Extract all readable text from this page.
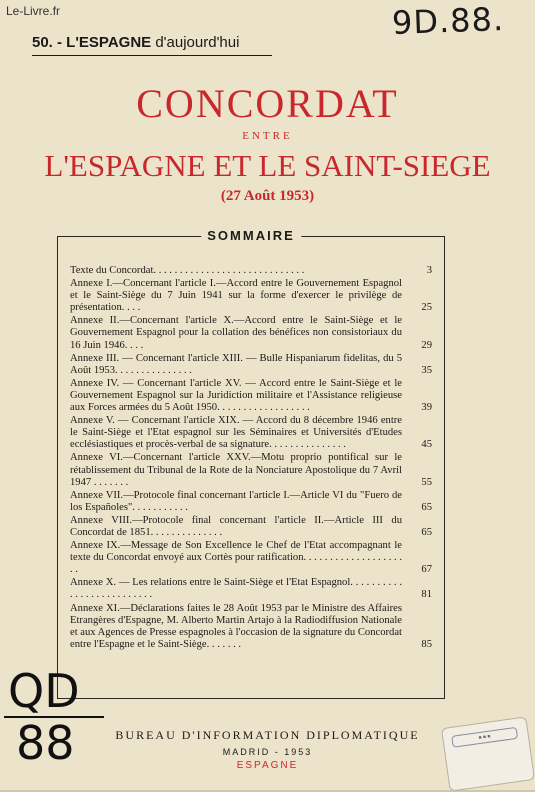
Le-Livre.fr	9D.88.
50. - L'ESPAGNE d'aujourd'hui
CONCORDAT
ENTRE
L'ESPAGNE ET LE SAINT-SIEGE
(27 Août 1953)
SOMMAIRE
Texte du Concordat. . . . . . . . . . . . . . . . . . . . . . . . . . . . .	3
Annexe I.—Concernant l'article I.—Accord entre le Gouvernement Espagnol et le Saint-Siège du 7 Juin 1941 sur la forme d'exercer le privilège de présentation. . . .	25
Annexe II.—Concernant l'article X.—Accord entre le Saint-Siège et le Gouvernement Espagnol pour la collation des bénéfices non consistoriaux du 16 Juin 1946. . . .	29
Annexe III. — Concernant l'article XIII. — Bulle Hispaniarum fidelitas, du 5 Août 1953. . . . . . . . . . . . . . .	35
Annexe IV. — Concernant l'article XV. — Accord entre le Saint-Siège et le Gouvernement Espagnol sur la Juridiction militaire et l'Assistance religieuse aux Forces armées du 5 Août 1950. . . . . . . . . . . . . . . . . .	39
Annexe V. — Concernant l'article XIX. — Accord du 8 décembre 1946 entre le Saint-Siège et l'Etat espagnol sur les Séminaires et Universités d'Etudes ecclésiastiques et procès-verbal de sa signature. . . . . . . . . . . . . . .	45
Annexe VI.—Concernant l'article XXV.—Motu proprio pontifical sur le rétablissement du Tribunal de la Rote de la Nonciature Apostolique du 7 Avril 1947 . . . . . . .	55
Annexe VII.—Protocole final concernant l'article I.—Article VI du "Fuero de los Españoles". . . . . . . . . . .	65
Annexe VIII.—Protocole final concernant l'article II.—Article III du Concordat de 1851. . . . . . . . . . . . . .	65
Annexe IX.—Message de Son Excellence le Chef de l'Etat accompagnant le texte du Concordat envoyé aux Cortès pour ratification. . . . . . . . . . . . . . . . . . . . .	67
Annexe X. — Les relations entre le Saint-Siège et l'Etat Espagnol. . . . . . . . . . . . . . . . . . . . . . . . . .	81
Annexe XI.—Déclarations faites le 28 Août 1953 par le Ministre des Affaires Etrangères d'Espagne, M. Alberto Martin Artajo à la Radiodiffusion Nationale et aux Agences de Presse espagnoles à l'occasion de la signature du Concordat entre l'Espagne et le Saint-Siège. . . . . . .	85
BUREAU D'INFORMATION DIPLOMATIQUE
MADRID - 1953
ESPAGNE
QD
88	■ ■ ■
